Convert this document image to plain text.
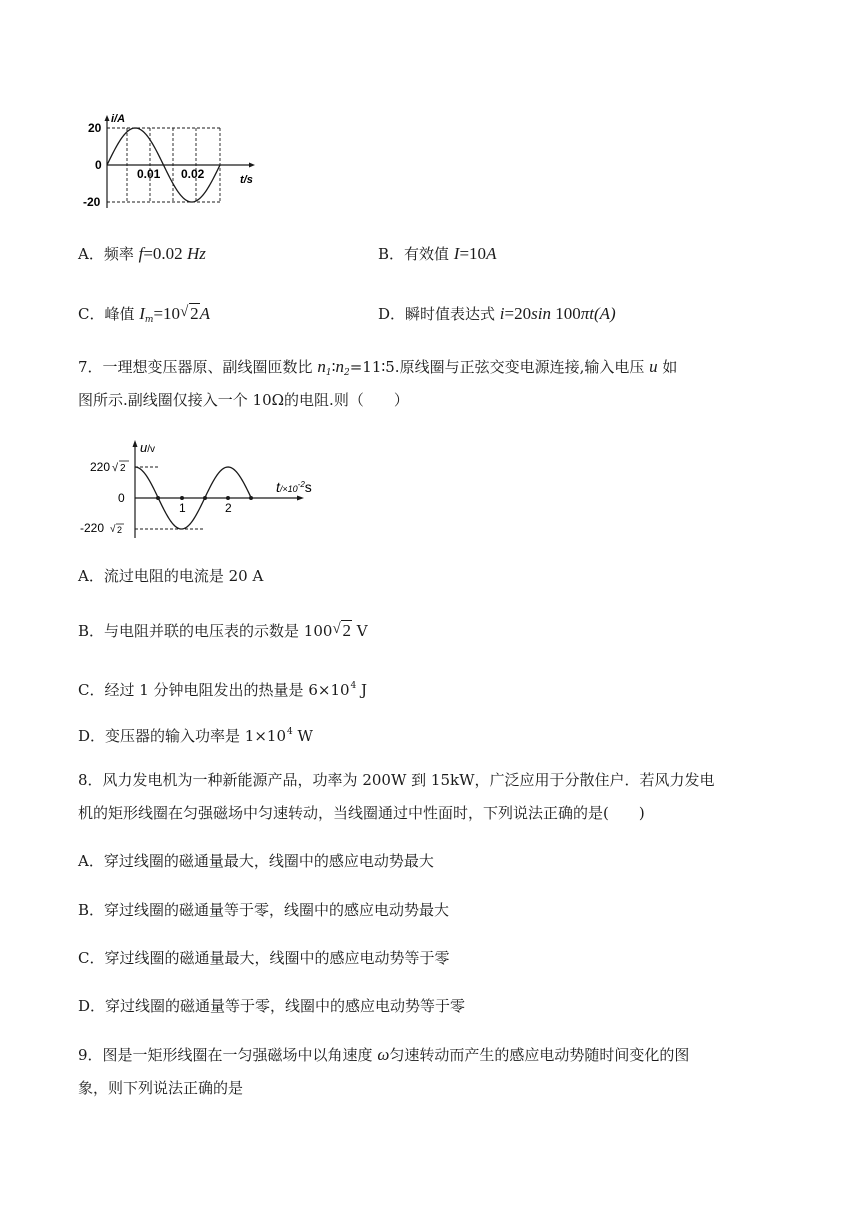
i/A
20
0
-20
0.01 0.02	t/s
A．频率 f=0.02 Hz	B．有效值 I=10A
C．峰值 $I_m=10$ √ 2A	D．瞬时值表达式 i=20sin 100πt(A)
7．一理想变压器原、副线圈匝数比 $n_1∶n_2=11∶5$.原线圈与正弦交变电源连接,输入电压 u 如
图所示.副线圈仅接入一个 10Ω的电阻.则（　　）
u/v
220 √ 2
0
-220 √ 2
1	2
$t/\times 10^{-2}s$
A．流过电阻的电流是 20 A
B．与电阻并联的电压表的示数是 100 √ 2 V
C．经过 1 分钟电阻发出的热量是 $6\times 10^4$ J
D．变压器的输入功率是 $1\times 10^4$ W
8．风力发电机为一种新能源产品，功率为 200W 到 15kW，广泛应用于分散住户．若风力发电
机的矩形线圈在匀强磁场中匀速转动，当线圈通过中性面时，下列说法正确的是(　　)
A．穿过线圈的磁通量最大，线圈中的感应电动势最大
B．穿过线圈的磁通量等于零，线圈中的感应电动势最大
C．穿过线圈的磁通量最大，线圈中的感应电动势等于零
D．穿过线圈的磁通量等于零，线圈中的感应电动势等于零
9．图是一矩形线圈在一匀强磁场中以角速度 ω匀速转动而产生的感应电动势随时间变化的图
象，则下列说法正确的是
